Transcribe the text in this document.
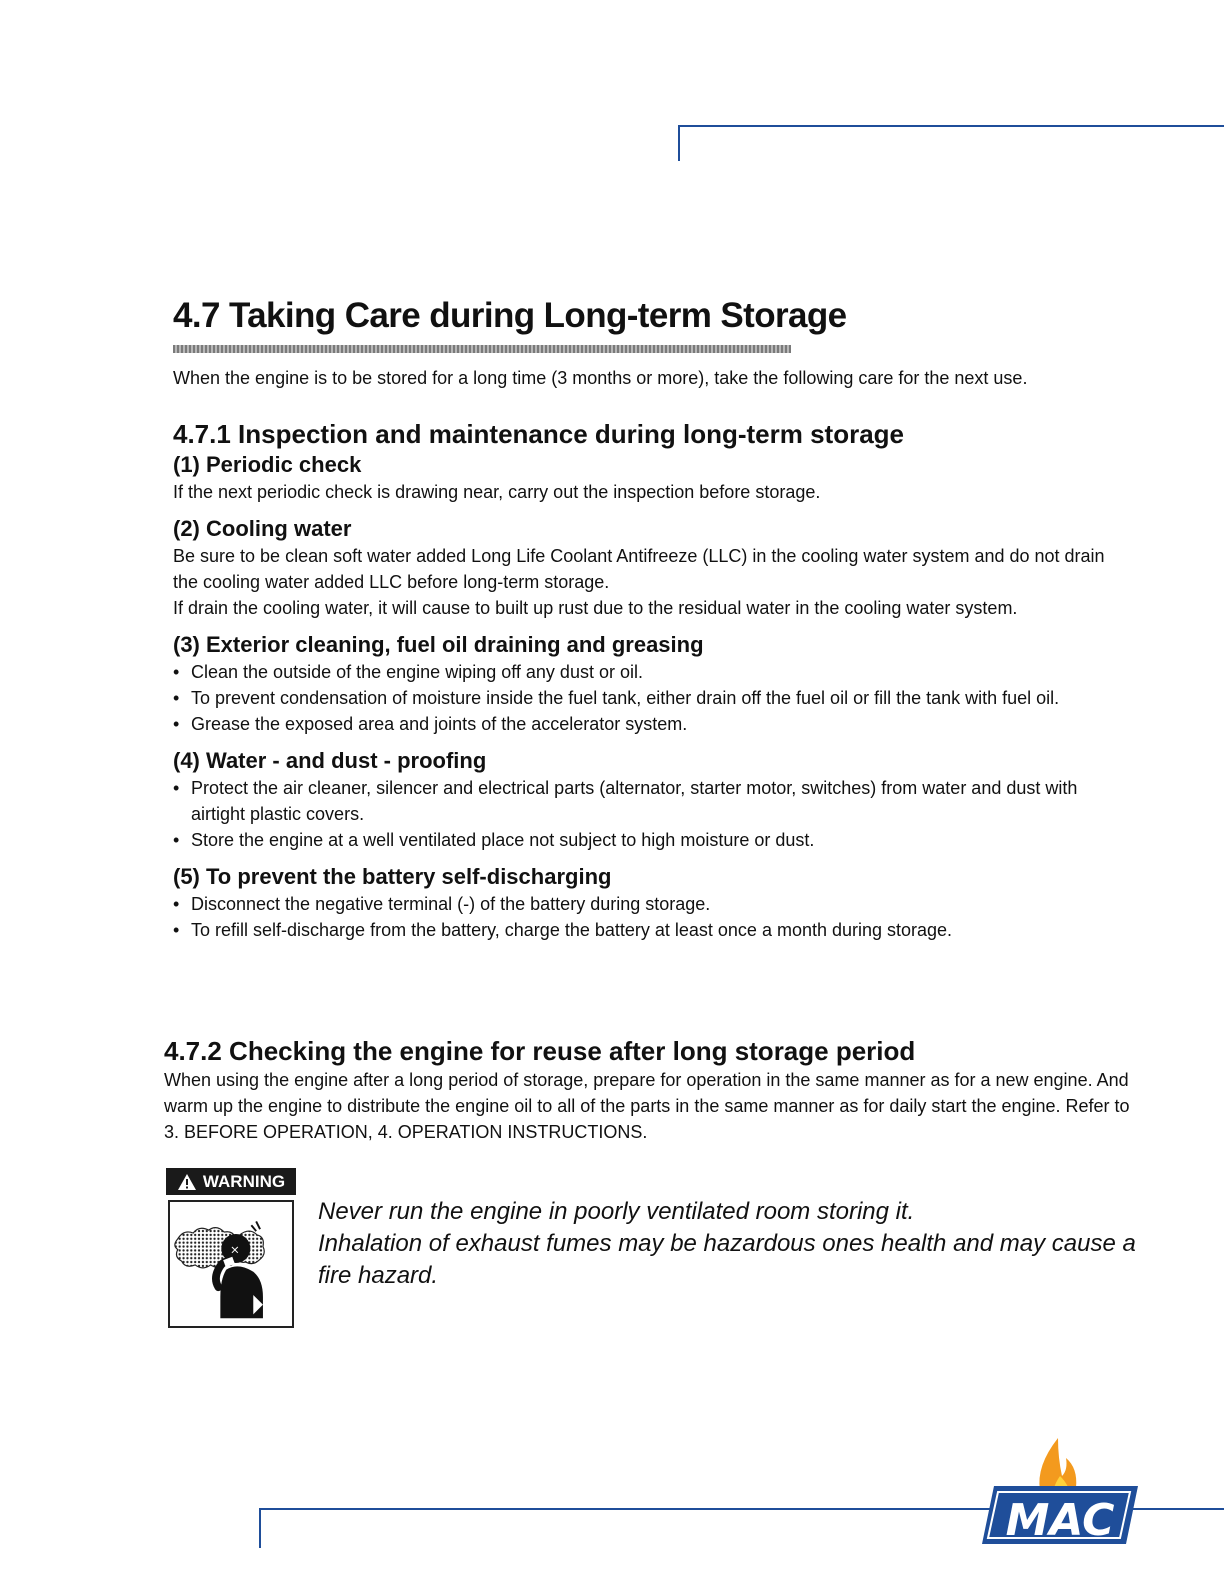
4.7 Taking Care during Long-term Storage

When the engine is to be stored for a long time (3 months or more), take the following care for the next use.

4.7.1 Inspection and maintenance during long-term storage
(1) Periodic check

If the next periodic check is drawing near, carry out the inspection before storage.

(2) Cooling water

Be sure to be clean soft water added Long Life Coolant Antifreeze (LLC) in the cooling water system and do not drain the cooling water added LLC before long-term storage.

If drain the cooling water, it will cause to built up rust due to the residual water in the cooling water system.

(3) Exterior cleaning, fuel oil draining and greasing
• Clean the outside of the engine wiping off any dust or oil.
• To prevent condensation of moisture inside the fuel tank, either drain off the fuel oil or fill the tank with fuel oil.
• Grease the exposed area and joints of the accelerator system.
(4) Water - and dust - proofing
• Protect the air cleaner, silencer and electrical parts (alternator, starter motor, switches) from water and dust with airtight plastic covers.
• Store the engine at a well ventilated place not subject to high moisture or dust.
(5) To prevent the battery self-discharging
• Disconnect the negative terminal (-) of the battery during storage.
• To refill self-discharge from the battery, charge the battery at least once a month during storage.
4.7.2 Checking the engine for reuse after long storage period

When using the engine after a long period of storage, prepare for operation in the same manner as for a new engine. And warm up the engine to distribute the engine oil to all of the parts in the same manner as for daily start the engine. Refer to 3. BEFORE OPERATION, 4. OPERATION INSTRUCTIONS.

WARNING
×

Never run the engine in poorly ventilated room storing it.

Inhalation of exhaust fumes may be hazardous ones health and may cause a fire hazard.

MAC
